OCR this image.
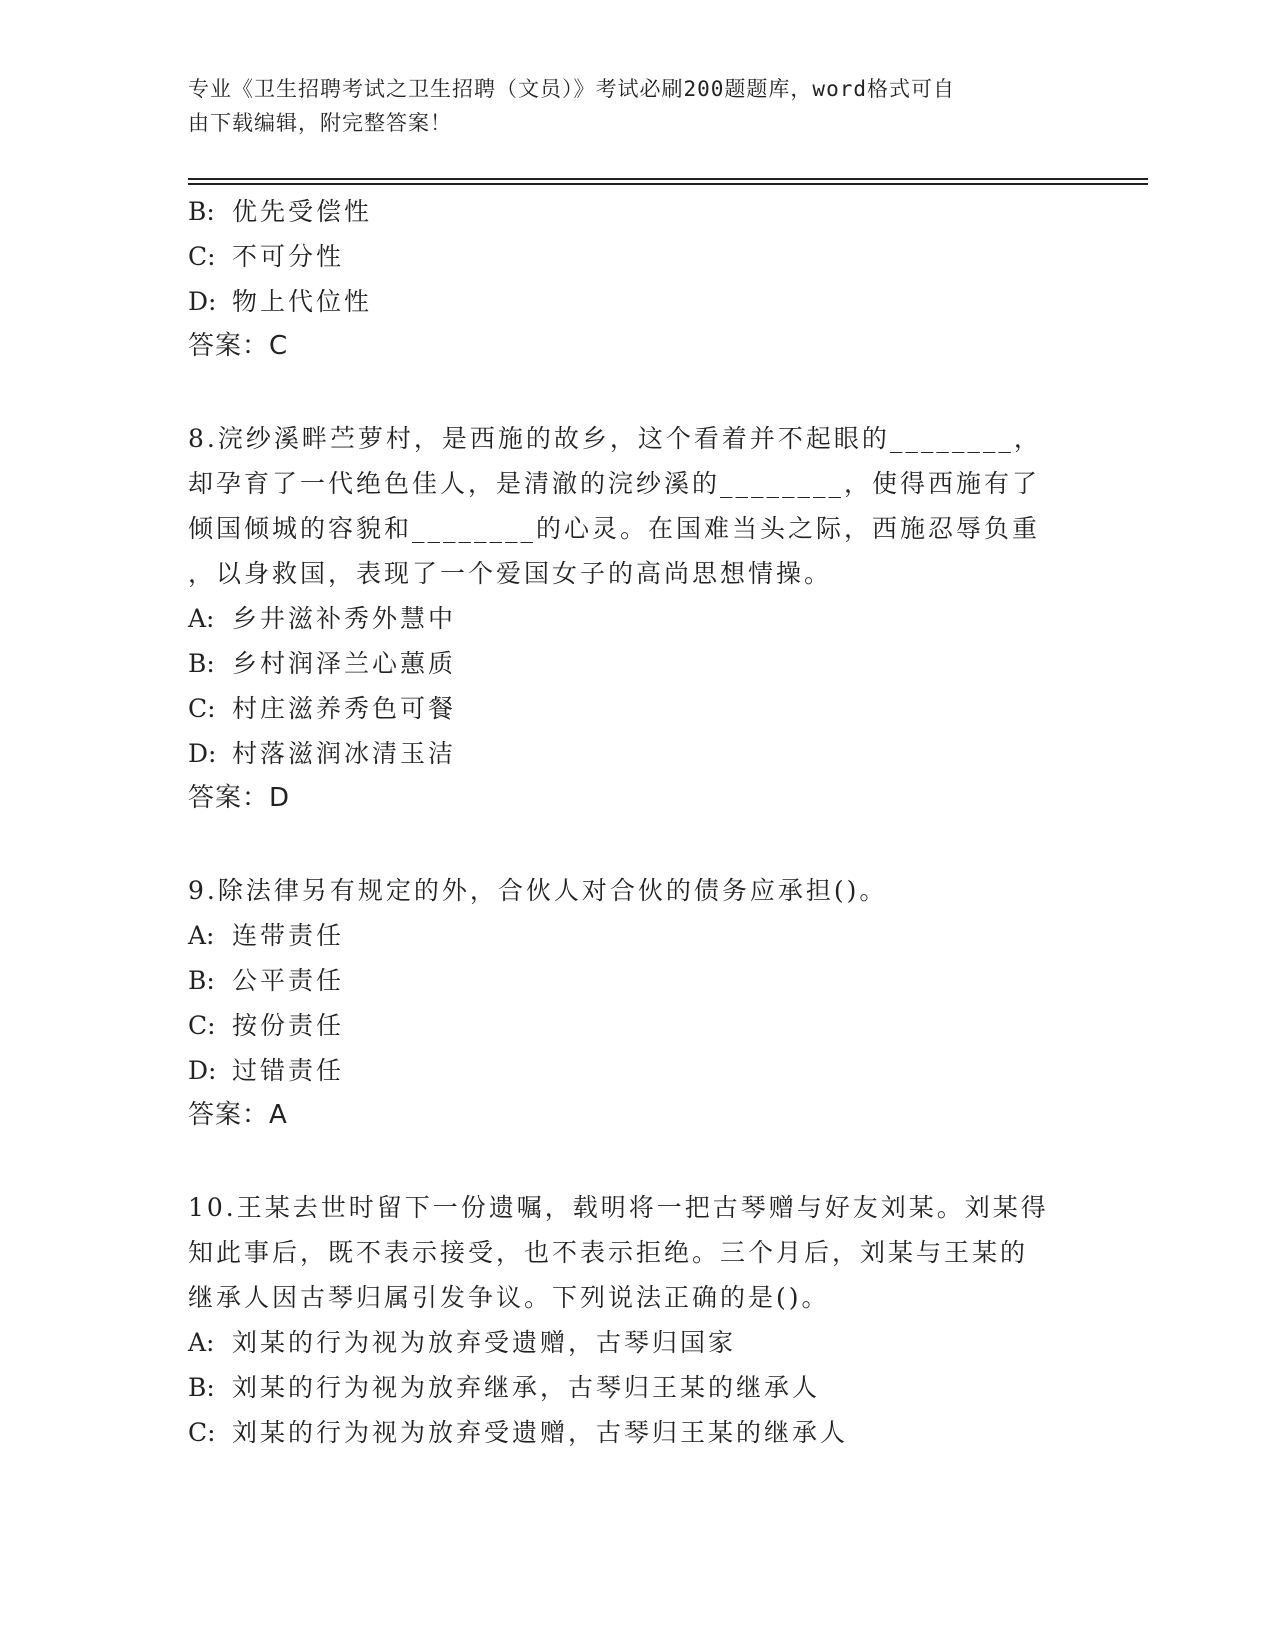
专业《卫生招聘考试之卫生招聘（文员）》考试必刷200题题库，word格式可自
由下载编辑，附完整答案！
B: 优先受偿性
C: 不可分性
D: 物上代位性
答案：C
8.浣纱溪畔苎萝村，是西施的故乡，这个看着并不起眼的________，
却孕育了一代绝色佳人，是清澈的浣纱溪的________，使得西施有了
倾国倾城的容貌和________的心灵。在国难当头之际，西施忍辱负重
，以身救国，表现了一个爱国女子的高尚思想情操。
A: 乡井滋补秀外慧中
B: 乡村润泽兰心蕙质
C: 村庄滋养秀色可餐
D: 村落滋润冰清玉洁
答案：D
9.除法律另有规定的外，合伙人对合伙的债务应承担()。
A: 连带责任
B: 公平责任
C: 按份责任
D: 过错责任
答案：A
10.王某去世时留下一份遗嘱，载明将一把古琴赠与好友刘某。刘某得
知此事后，既不表示接受，也不表示拒绝。三个月后，刘某与王某的
继承人因古琴归属引发争议。下列说法正确的是()。
A: 刘某的行为视为放弃受遗赠，古琴归国家
B: 刘某的行为视为放弃继承，古琴归王某的继承人
C: 刘某的行为视为放弃受遗赠，古琴归王某的继承人
